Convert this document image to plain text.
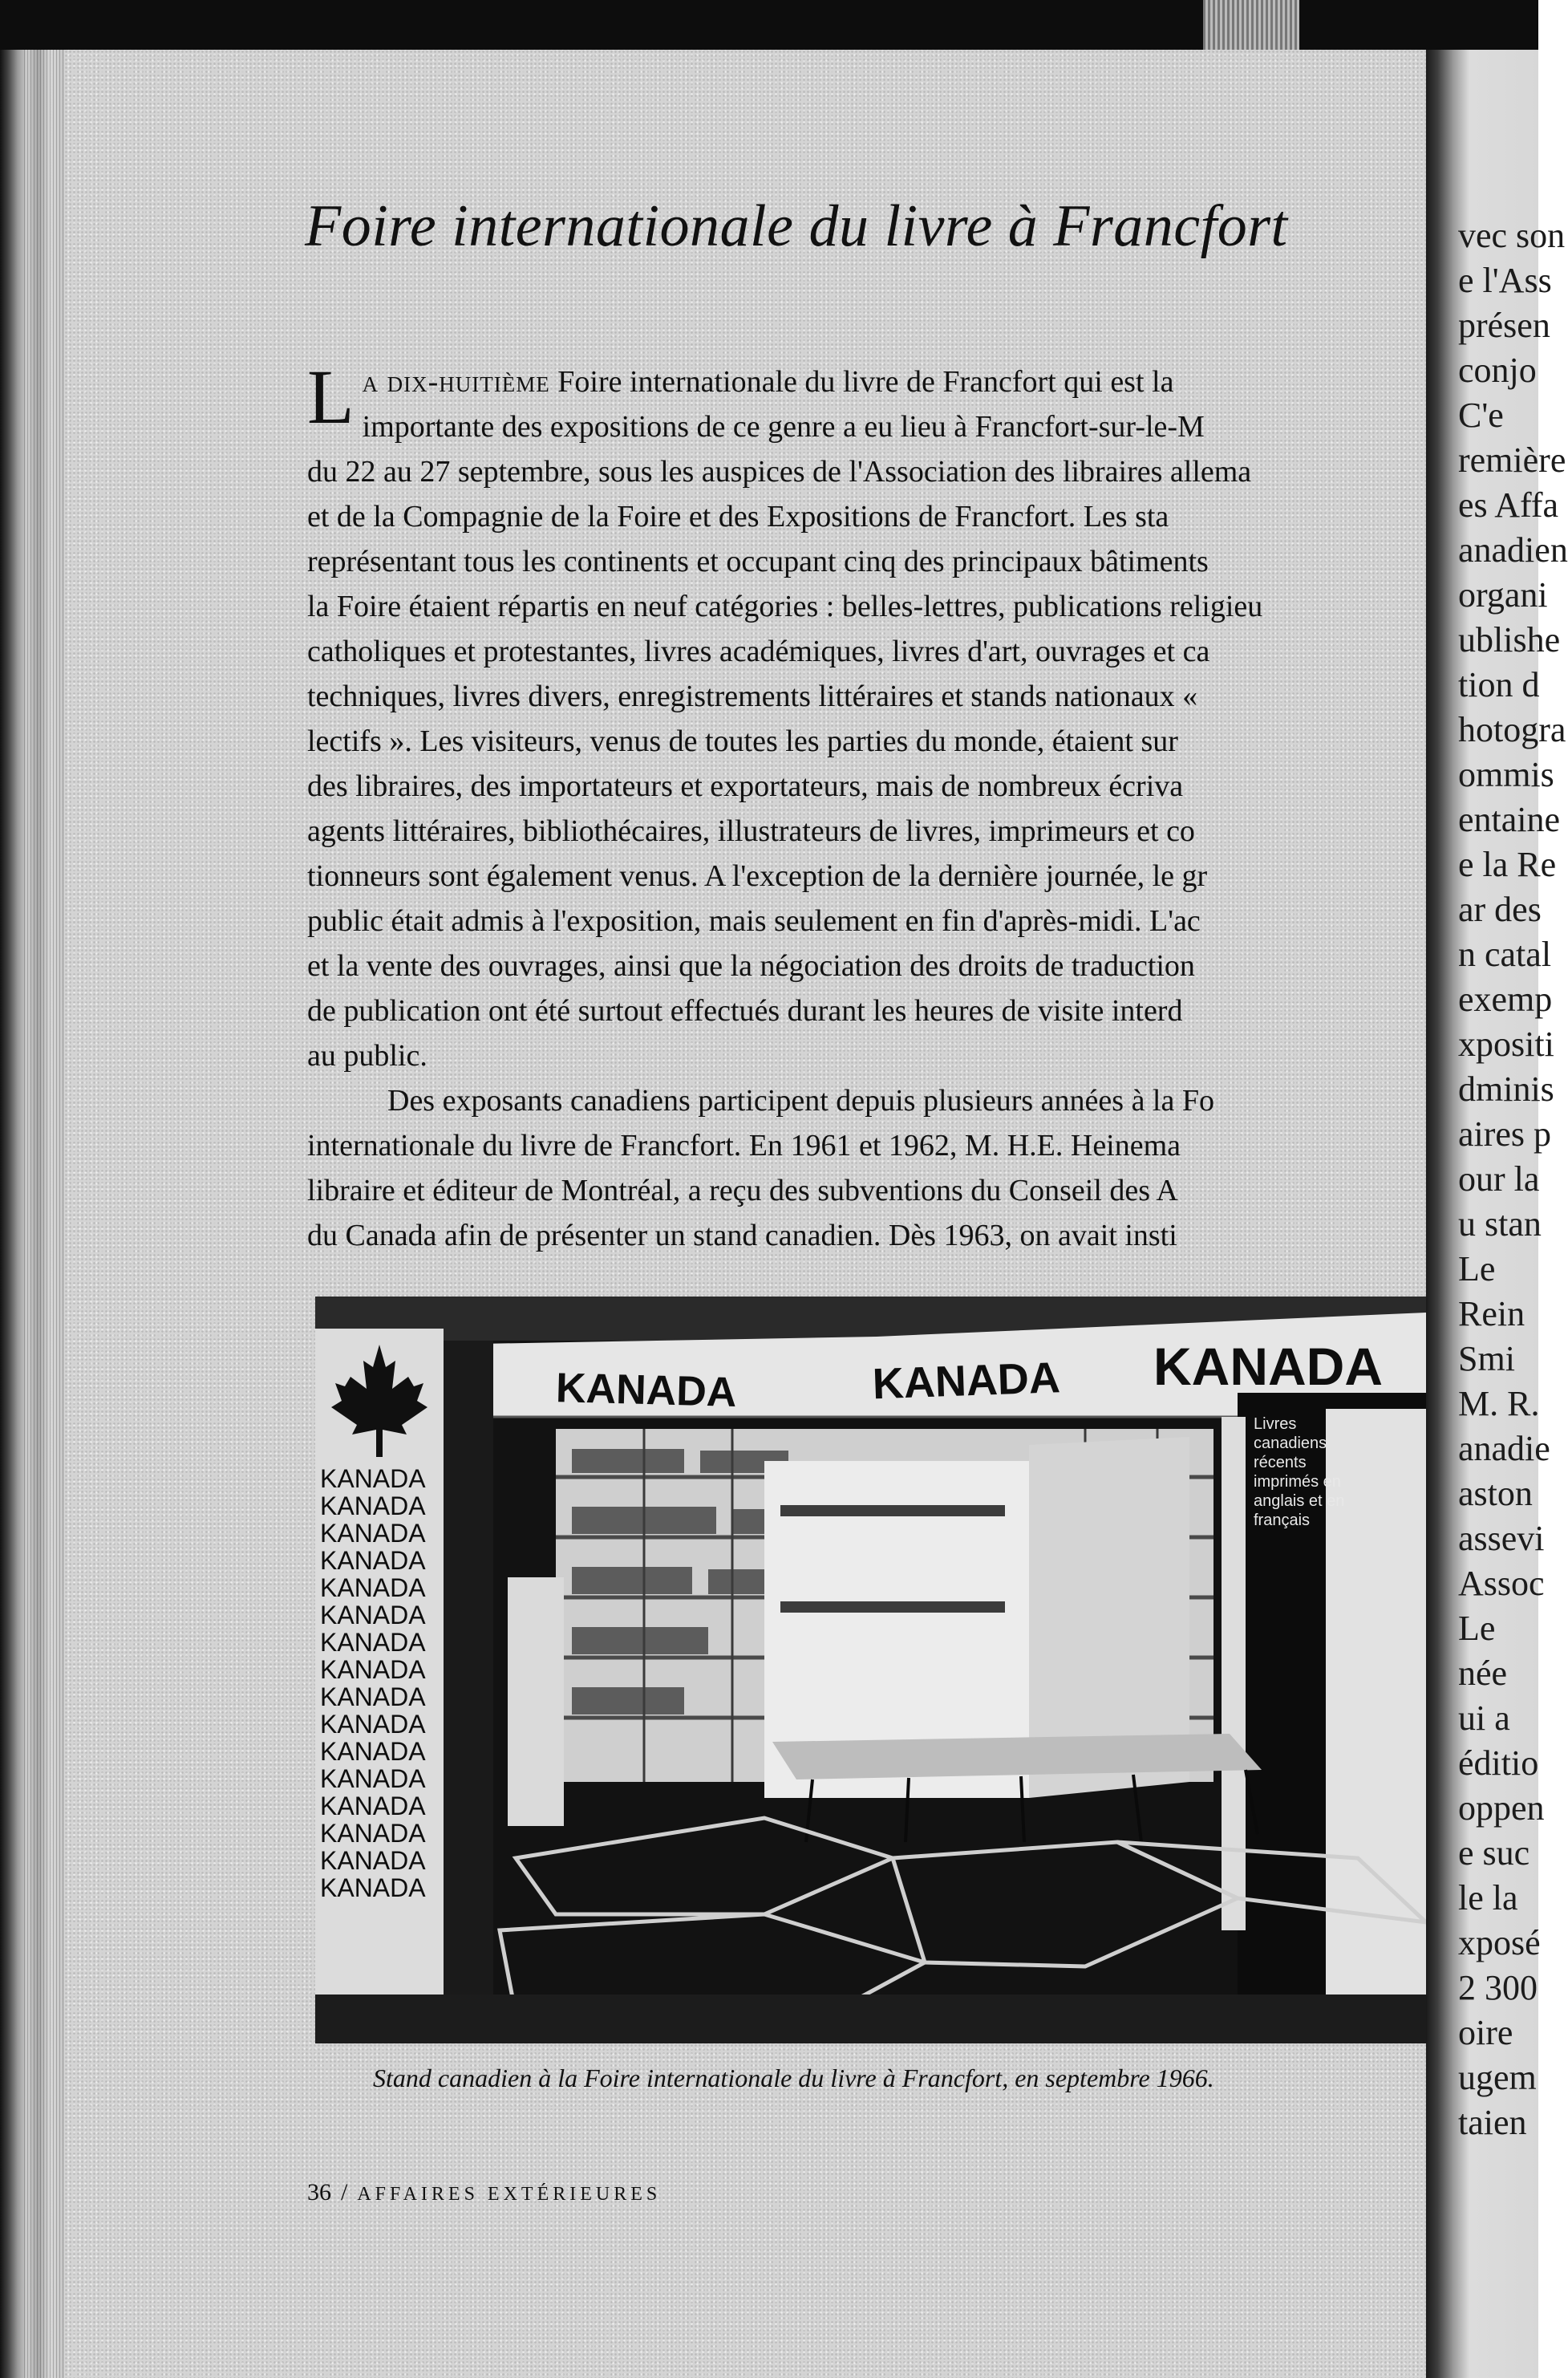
Foire internationale du livre à Francfort
L a dix-huitième Foire internationale du livre de Francfort qui est la
importante des expositions de ce genre a eu lieu à Francfort-sur-le-M
du 22 au 27 septembre, sous les auspices de l'Association des libraires allema
et de la Compagnie de la Foire et des Expositions de Francfort. Les sta
représentant tous les continents et occupant cinq des principaux bâtiments
la Foire étaient répartis en neuf catégories : belles-lettres, publications religieu
catholiques et protestantes, livres académiques, livres d'art, ouvrages et ca
techniques, livres divers, enregistrements littéraires et stands nationaux «
lectifs ». Les visiteurs, venus de toutes les parties du monde, étaient sur
des libraires, des importateurs et exportateurs, mais de nombreux écriva
agents littéraires, bibliothécaires, illustrateurs de livres, imprimeurs et co
tionneurs sont également venus. A l'exception de la dernière journée, le gr
public était admis à l'exposition, mais seulement en fin d'après-midi. L'ac
et la vente des ouvrages, ainsi que la négociation des droits de traduction
de publication ont été surtout effectués durant les heures de visite interd
au public.
Des exposants canadiens participent depuis plusieurs années à la Fo
internationale du livre de Francfort. En 1961 et 1962, M. H.E. Heinema
libraire et éditeur de Montréal, a reçu des subventions du Conseil des A
du Canada afin de présenter un stand canadien. Dès 1963, on avait insti
KANADA	KANADA KANADA
KANADA
KANADA
KANADA
KANADA
KANADA
KANADA
KANADA
KANADA
KANADA
KANADA
KANADA
KANADA
KANADA
KANADA
KANADA
KANADA
Livres
canadiens
récents
imprimés en
anglais et en
français

Stand canadien à la Foire internationale du livre à Francfort, en septembre 1966.

36 / AFFAIRES EXTÉRIEURES
vec son
e l'Ass
présen
conjo
C'e
remière
es Affa
anadien
organi
ublishe
tion d
hotogra
ommis
entaine
e la Re
ar des
n catal
exemp
xpositi
dminis
aires p
our la
u stan
Le
Rein
Smi
M. R.
anadie
aston
assevi
Assoc
Le
née
ui a
éditio
oppen
e suc
le la
xposé
2 300
oire
ugem
taien
